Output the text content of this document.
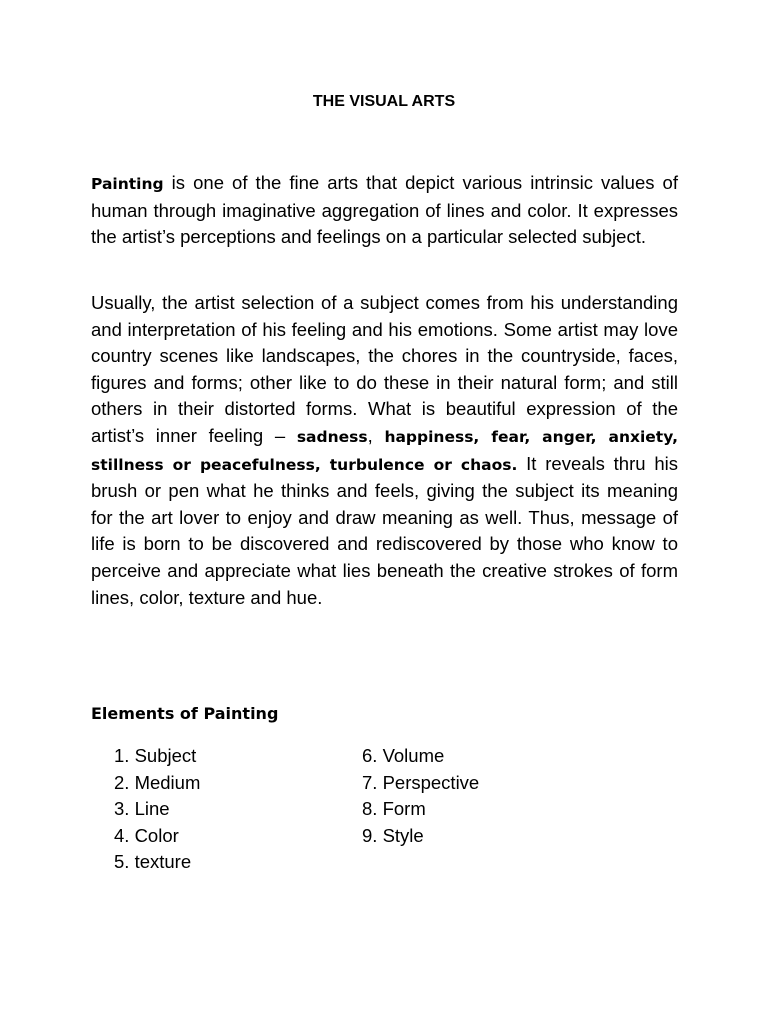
THE VISUAL ARTS

Painting is one of the fine arts that depict various intrinsic values of human through imaginative aggregation of lines and color. It expresses the artist’s perceptions and feelings on a particular selected subject.

Usually, the artist selection of a subject comes from his understanding and interpretation of his feeling and his emotions. Some artist may love country scenes like landscapes, the chores in the countryside, faces, figures and forms; other like to do these in their natural form; and still others in their distorted forms. What is beautiful expression of the artist’s inner feeling – sadness, happiness, fear, anger, anxiety, stillness or peacefulness, turbulence or chaos. It reveals thru his brush or pen what he thinks and feels, giving the subject its meaning for the art lover to enjoy and draw meaning as well. Thus, message of life is born to be discovered and rediscovered by those who know to perceive and appreciate what lies beneath the creative strokes of form lines, color, texture and hue.

Elements of Painting
1. Subject
2. Medium
3. Line
4. Color
5. texture
6. Volume
7. Perspective
8. Form
9. Style
